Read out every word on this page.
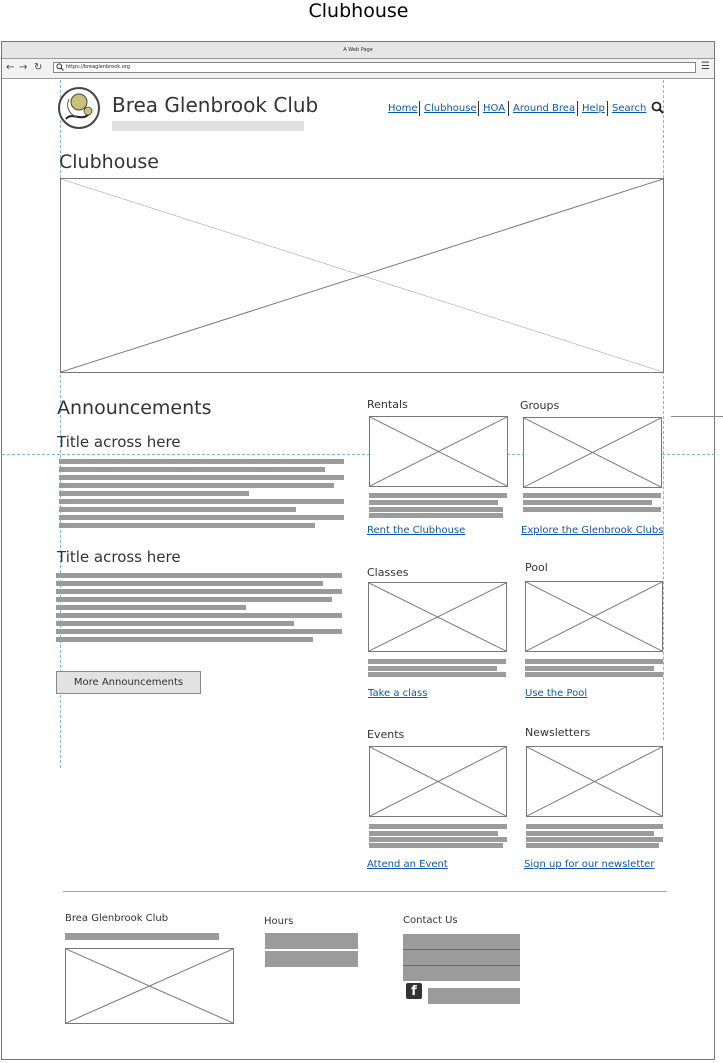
Clubhouse
A Web Page
← → ↻	https://breaglenbrook.org	☰
Brea Glenbrook Club	Home Clubhouse HOA Around Brea Help Search
Clubhouse
Announcements
Title across here
Title across here
More Announcements
Rentals
Rent the Clubhouse
Groups
Explore the Glenbrook Clubs
Classes
Take a class
Pool
Use the Pool
Events
Attend an Event
Newsletters
Sign up for our newsletter
Brea Glenbrook Club	Hours	Contact Us
f
